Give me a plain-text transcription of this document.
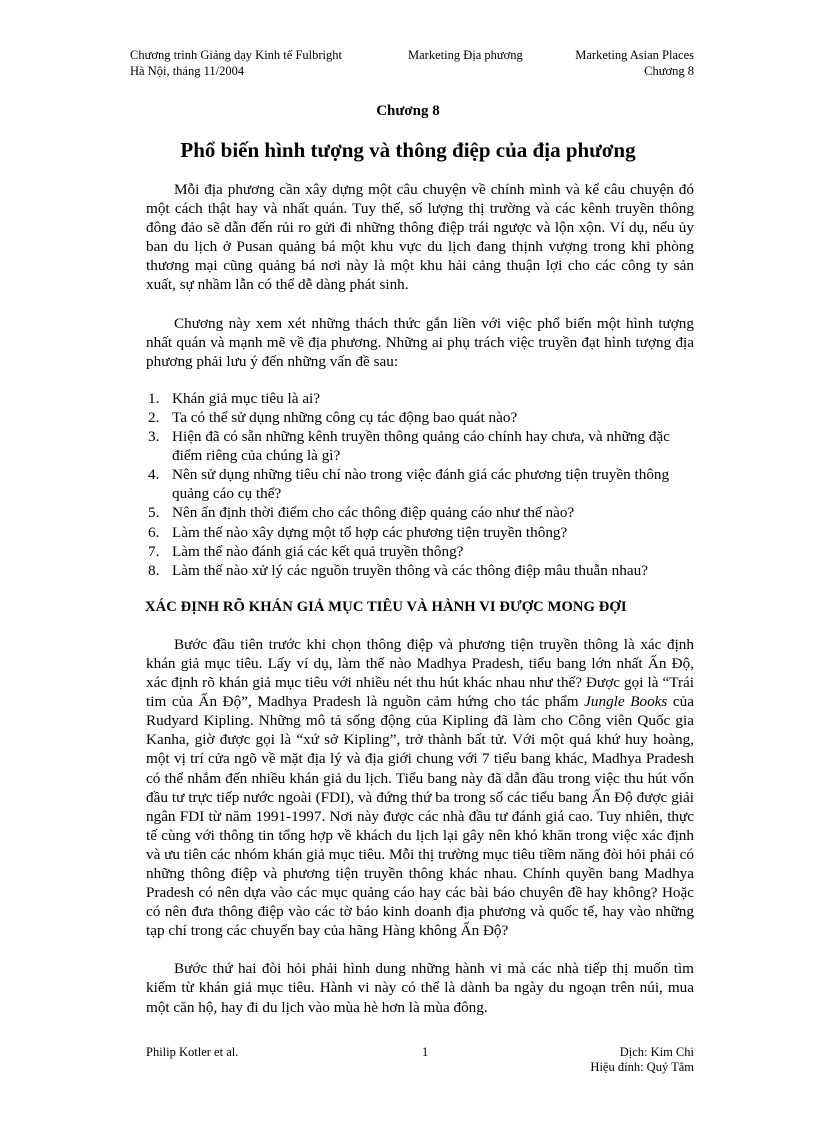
Chương trình Giảng dạy Kinh tế Fulbright
Hà Nội, tháng 11/2004
Marketing Địa phương	Marketing Asian Places
Chương 8
Chương 8
Phổ biến hình tượng và thông điệp của địa phương

Mỗi địa phương cần xây dựng một câu chuyện về chính mình và kể câu chuyện đó một cách thật hay và nhất quán. Tuy thế, số lượng thị trường và các kênh truyền thông đông đảo sẽ dẫn đến rủi ro gửi đi những thông điệp trái ngược và lộn xộn. Ví dụ, nếu ủy ban du lịch ở Pusan quảng bá một khu vực du lịch đang thịnh vượng trong khi phòng thương mại cũng quảng bá nơi này là một khu hải cảng thuận lợi cho các công ty sản xuất, sự nhầm lẫn có thể dễ dàng phát sinh.

Chương này xem xét những thách thức gắn liền với việc phổ biến một hình tượng nhất quán và mạnh mẽ về địa phương. Những ai phụ trách việc truyền đạt hình tượng địa phương phải lưu ý đến những vấn đề sau:

1. Khán giả mục tiêu là ai?
2. Ta có thể sử dụng những công cụ tác động bao quát nào?
3. Hiện đã có sẵn những kênh truyền thông quảng cáo chính hay chưa, và những đặc điểm riêng của chúng là gì?
4. Nên sử dụng những tiêu chí nào trong việc đánh giá các phương tiện truyền thông quảng cáo cụ thể?
5. Nên ấn định thời điểm cho các thông điệp quảng cáo như thế nào?
6. Làm thế nào xây dựng một tổ hợp các phương tiện truyền thông?
7. Làm thế nào đánh giá các kết quả truyền thông?
8. Làm thế nào xử lý các nguồn truyền thông và các thông điệp mâu thuẫn nhau?
XÁC ĐỊNH RÕ KHÁN GIẢ MỤC TIÊU VÀ HÀNH VI ĐƯỢC MONG ĐỢI

Bước đầu tiên trước khi chọn thông điệp và phương tiện truyền thông là xác định khán giả mục tiêu. Lấy ví dụ, làm thế nào Madhya Pradesh, tiểu bang lớn nhất Ấn Độ, xác định rõ khán giả mục tiêu với nhiều nét thu hút khác nhau như thế? Được gọi là “Trái tim của Ấn Độ”, Madhya Pradesh là nguồn cảm hứng cho tác phẩm Jungle Books của Rudyard Kipling. Những mô tả sống động của Kipling đã làm cho Công viên Quốc gia Kanha, giờ được gọi là “xứ sở Kipling”, trở thành bất tử. Với một quá khứ huy hoàng, một vị trí cửa ngõ về mặt địa lý và địa giới chung với 7 tiểu bang khác, Madhya Pradesh có thể nhắm đến nhiều khán giả du lịch. Tiểu bang này đã dẫn đầu trong việc thu hút vốn đầu tư trực tiếp nước ngoài (FDI), và đứng thứ ba trong số các tiểu bang Ấn Độ được giải ngân FDI từ năm 1991-1997. Nơi này được các nhà đầu tư đánh giá cao. Tuy nhiên, thực tế cùng với thông tin tổng hợp về khách du lịch lại gây nên khó khăn trong việc xác định và ưu tiên các nhóm khán giả mục tiêu. Mỗi thị trường mục tiêu tiềm năng đòi hỏi phải có những thông điệp và phương tiện truyền thông khác nhau. Chính quyền bang Madhya Pradesh có nên dựa vào các mục quảng cáo hay các bài báo chuyên đề hay không? Hoặc có nên đưa thông điệp vào các tờ báo kinh doanh địa phương và quốc tế, hay vào những tạp chí trong các chuyến bay của hãng Hàng không Ấn Độ?

Bước thứ hai đòi hỏi phải hình dung những hành vi mà các nhà tiếp thị muốn tìm kiếm từ khán giả mục tiêu. Hành vi này có thể là dành ba ngày du ngoạn trên núi, mua một căn hộ, hay đi du lịch vào mùa hè hơn là mùa đông.

Philip Kotler et al.	1	Dịch: Kim Chi
Hiệu đính: Quý Tâm
